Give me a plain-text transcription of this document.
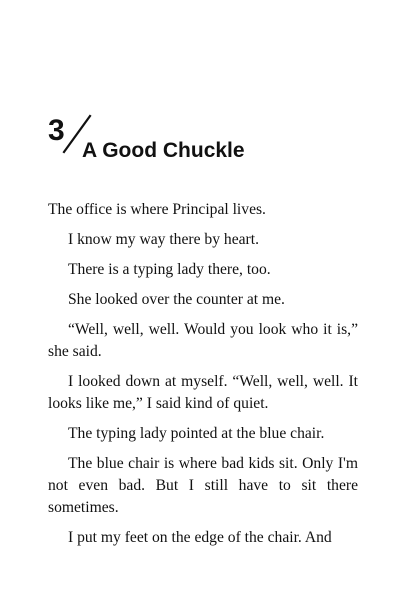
3
A Good Chuckle

The office is where Principal lives.

I know my way there by heart.

There is a typing lady there, too.

She looked over the counter at me.

“Well, well, well. Would you look who it is,” she said.

I looked down at myself. “Well, well, well. It looks like me,” I said kind of quiet.

The typing lady pointed at the blue chair.

The blue chair is where bad kids sit. Only I'm not even bad. But I still have to sit there sometimes.

I put my feet on the edge of the chair. And
